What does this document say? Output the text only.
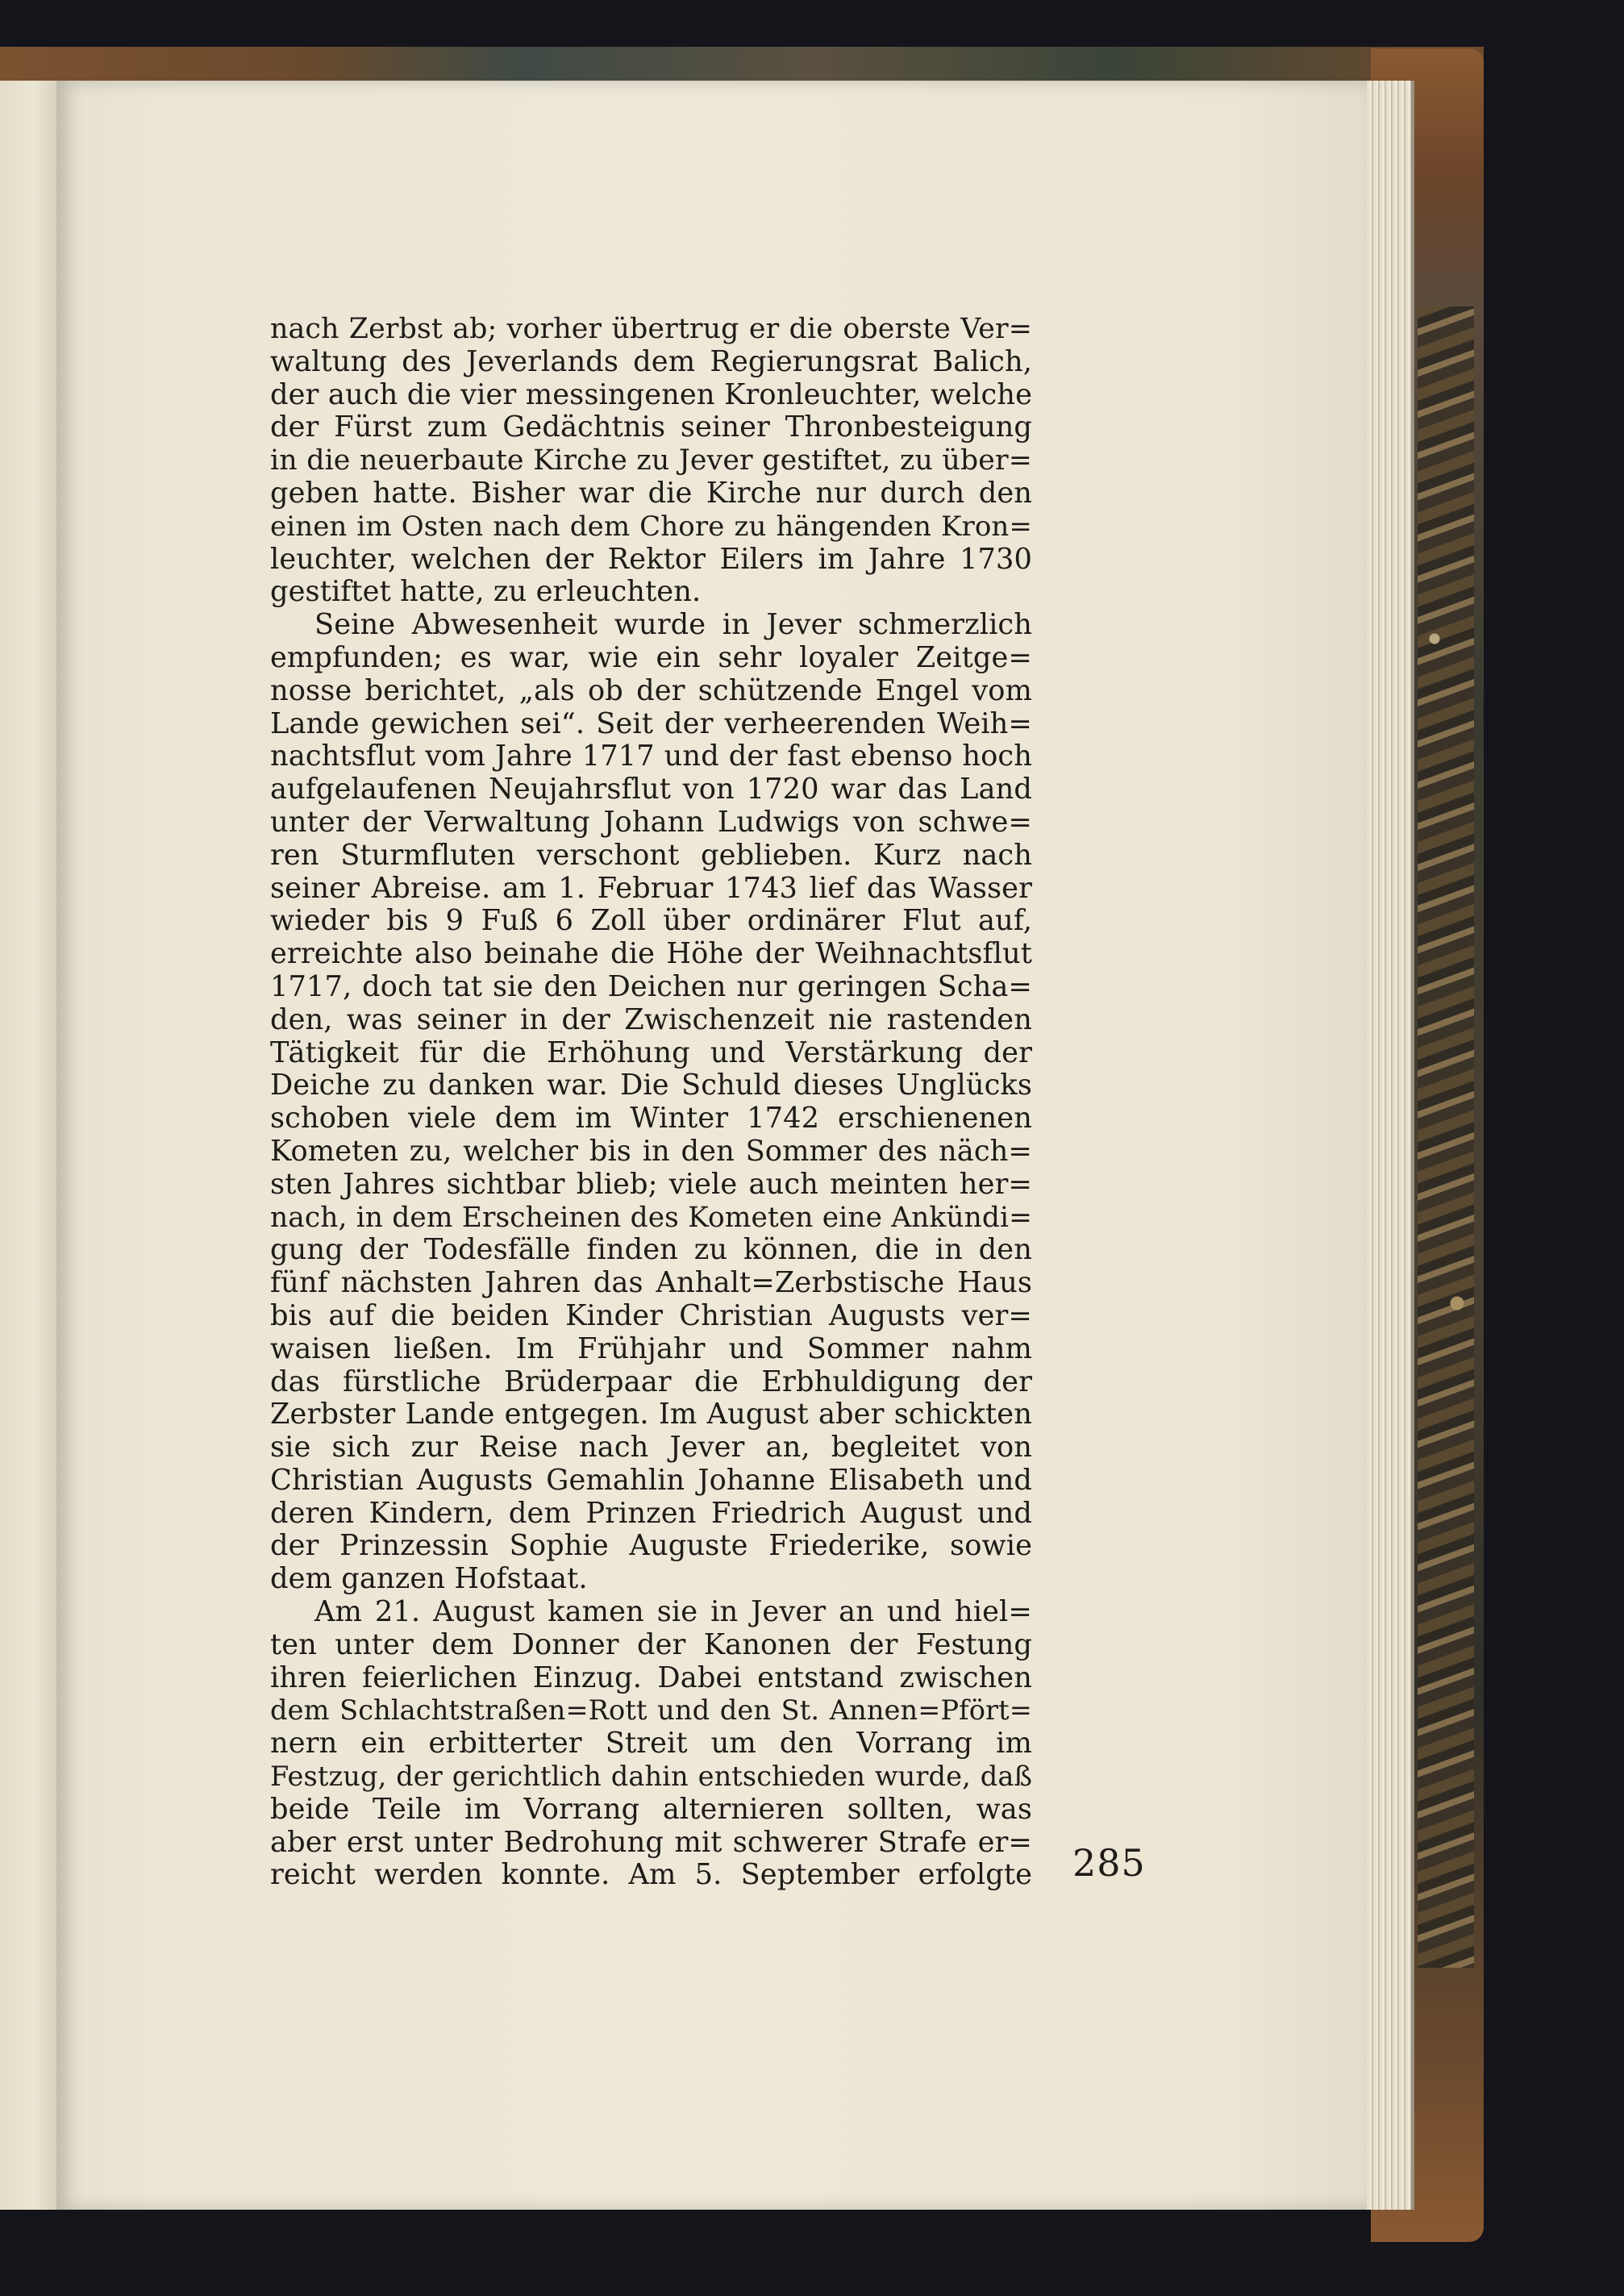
nach Zerbst ab; vorher übertrug er die oberste Ver=
waltung des Jeverlands dem Regierungsrat Balich,
der auch die vier messingenen Kronleuchter, welche
der Fürst zum Gedächtnis seiner Thronbesteigung
in die neuerbaute Kirche zu Jever gestiftet, zu über=
geben hatte. Bisher war die Kirche nur durch den
einen im Osten nach dem Chore zu hängenden Kron=
leuchter, welchen der Rektor Eilers im Jahre 1730
gestiftet hatte, zu erleuchten.
Seine Abwesenheit wurde in Jever schmerzlich
empfunden; es war, wie ein sehr loyaler Zeitge=
nosse berichtet, „als ob der schützende Engel vom
Lande gewichen sei“. Seit der verheerenden Weih=
nachtsflut vom Jahre 1717 und der fast ebenso hoch
aufgelaufenen Neujahrsflut von 1720 war das Land
unter der Verwaltung Johann Ludwigs von schwe=
ren Sturmfluten verschont geblieben. Kurz nach
seiner Abreise. am 1. Februar 1743 lief das Wasser
wieder bis 9 Fuß 6 Zoll über ordinärer Flut auf,
erreichte also beinahe die Höhe der Weihnachtsflut
1717, doch tat sie den Deichen nur geringen Scha=
den, was seiner in der Zwischenzeit nie rastenden
Tätigkeit für die Erhöhung und Verstärkung der
Deiche zu danken war. Die Schuld dieses Unglücks
schoben viele dem im Winter 1742 erschienenen
Kometen zu, welcher bis in den Sommer des näch=
sten Jahres sichtbar blieb; viele auch meinten her=
nach, in dem Erscheinen des Kometen eine Ankündi=
gung der Todesfälle finden zu können, die in den
fünf nächsten Jahren das Anhalt=Zerbstische Haus
bis auf die beiden Kinder Christian Augusts ver=
waisen ließen. Im Frühjahr und Sommer nahm
das fürstliche Brüderpaar die Erbhuldigung der
Zerbster Lande entgegen. Im August aber schickten
sie sich zur Reise nach Jever an, begleitet von
Christian Augusts Gemahlin Johanne Elisabeth und
deren Kindern, dem Prinzen Friedrich August und
der Prinzessin Sophie Auguste Friederike, sowie
dem ganzen Hofstaat.
Am 21. August kamen sie in Jever an und hiel=
ten unter dem Donner der Kanonen der Festung
ihren feierlichen Einzug. Dabei entstand zwischen
dem Schlachtstraßen=Rott und den St. Annen=Pfört=
nern ein erbitterter Streit um den Vorrang im
Festzug, der gerichtlich dahin entschieden wurde, daß
beide Teile im Vorrang alternieren sollten, was
aber erst unter Bedrohung mit schwerer Strafe er=
reicht werden konnte. Am 5. September erfolgte 285
